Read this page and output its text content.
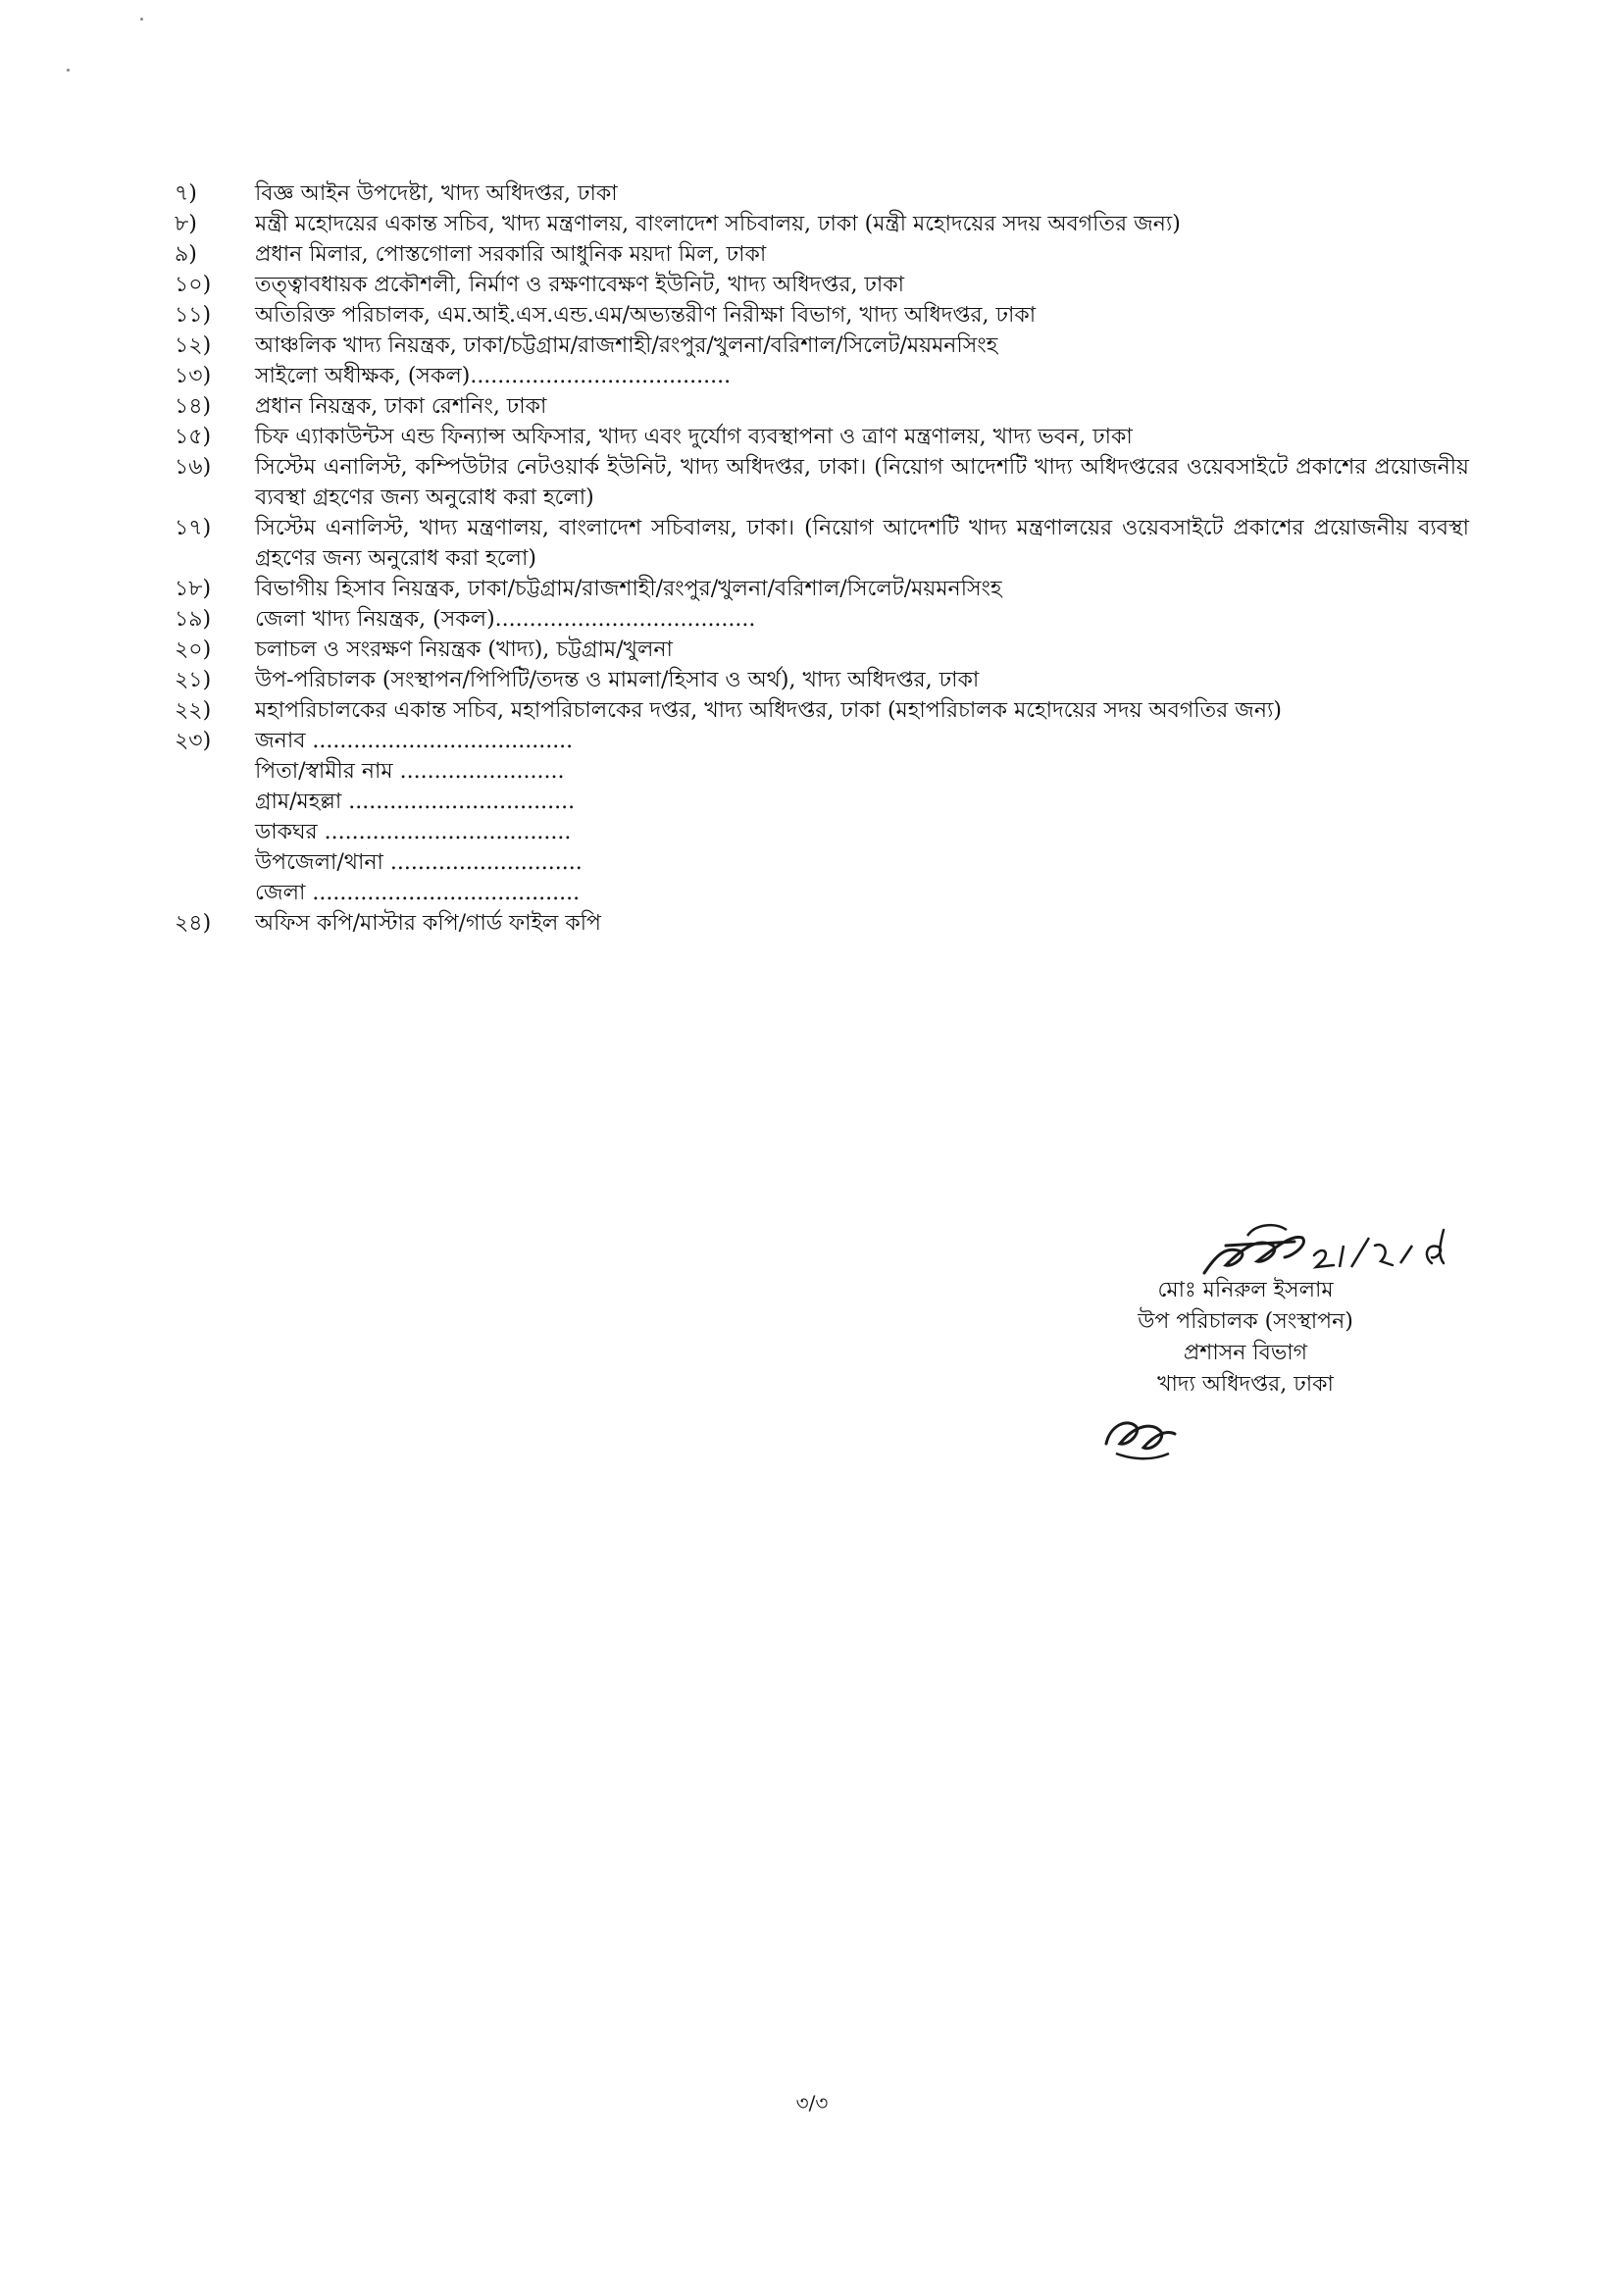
৭)	বিজ্ঞ আইন উপদেষ্টা, খাদ্য অধিদপ্তর, ঢাকা
৮)	মন্ত্রী মহোদয়ের একান্ত সচিব, খাদ্য মন্ত্রণালয়, বাংলাদেশ সচিবালয়, ঢাকা (মন্ত্রী মহোদয়ের সদয় অবগতির জন্য)
৯)	প্রধান মিলার, পোস্তগোলা সরকারি আধুনিক ময়দা মিল, ঢাকা
১০)	তত্ত্বাবধায়ক প্রকৌশলী, নির্মাণ ও রক্ষণাবেক্ষণ ইউনিট, খাদ্য অধিদপ্তর, ঢাকা
১১)	অতিরিক্ত পরিচালক, এম.আই.এস.এন্ড.এম/অভ্যন্তরীণ নিরীক্ষা বিভাগ, খাদ্য অধিদপ্তর, ঢাকা
১২)	আঞ্চলিক খাদ্য নিয়ন্ত্রক, ঢাকা/চট্টগ্রাম/রাজশাহী/রংপুর/খুলনা/বরিশাল/সিলেট/ময়মনসিংহ
১৩)	সাইলো অধীক্ষক, (সকল)......................................
১৪)	প্রধান নিয়ন্ত্রক, ঢাকা রেশনিং, ঢাকা
১৫)	চিফ এ্যাকাউন্টস এন্ড ফিন্যান্স অফিসার, খাদ্য এবং দুর্যোগ ব্যবস্থাপনা ও ত্রাণ মন্ত্রণালয়, খাদ্য ভবন, ঢাকা
১৬)	সিস্টেম এনালিস্ট, কম্পিউটার নেটওয়ার্ক ইউনিট, খাদ্য অধিদপ্তর, ঢাকা। (নিয়োগ আদেশটি খাদ্য অধিদপ্তরের ওয়েবসাইটে প্রকাশের প্রয়োজনীয় ব্যবস্থা গ্রহণের জন্য অনুরোধ করা হলো)
১৭)	সিস্টেম এনালিস্ট, খাদ্য মন্ত্রণালয়, বাংলাদেশ সচিবালয়, ঢাকা। (নিয়োগ আদেশটি খাদ্য মন্ত্রণালয়ের ওয়েবসাইটে প্রকাশের প্রয়োজনীয় ব্যবস্থা গ্রহণের জন্য অনুরোধ করা হলো)
১৮)	বিভাগীয় হিসাব নিয়ন্ত্রক, ঢাকা/চট্টগ্রাম/রাজশাহী/রংপুর/খুলনা/বরিশাল/সিলেট/ময়মনসিংহ
১৯)	জেলা খাদ্য নিয়ন্ত্রক, (সকল)......................................
২০)	চলাচল ও সংরক্ষণ নিয়ন্ত্রক (খাদ্য), চট্টগ্রাম/খুলনা
২১)	উপ-পরিচালক (সংস্থাপন/পিপিটি/তদন্ত ও মামলা/হিসাব ও অর্থ), খাদ্য অধিদপ্তর, ঢাকা
২২)	মহাপরিচালকের একান্ত সচিব, মহাপরিচালকের দপ্তর, খাদ্য অধিদপ্তর, ঢাকা (মহাপরিচালক মহোদয়ের সদয় অবগতির জন্য)
২৩)	জনাব ......................................
পিতা/স্বামীর নাম ........................
গ্রাম/মহল্লা .................................
ডাকঘর ....................................
উপজেলা/থানা ............................
জেলা .......................................
২৪)	অফিস কপি/মাস্টার কপি/গার্ড ফাইল কপি
মোঃ মনিরুল ইসলাম
উপ পরিচালক (সংস্থাপন)
প্রশাসন বিভাগ
খাদ্য অধিদপ্তর, ঢাকা
৩/৩
